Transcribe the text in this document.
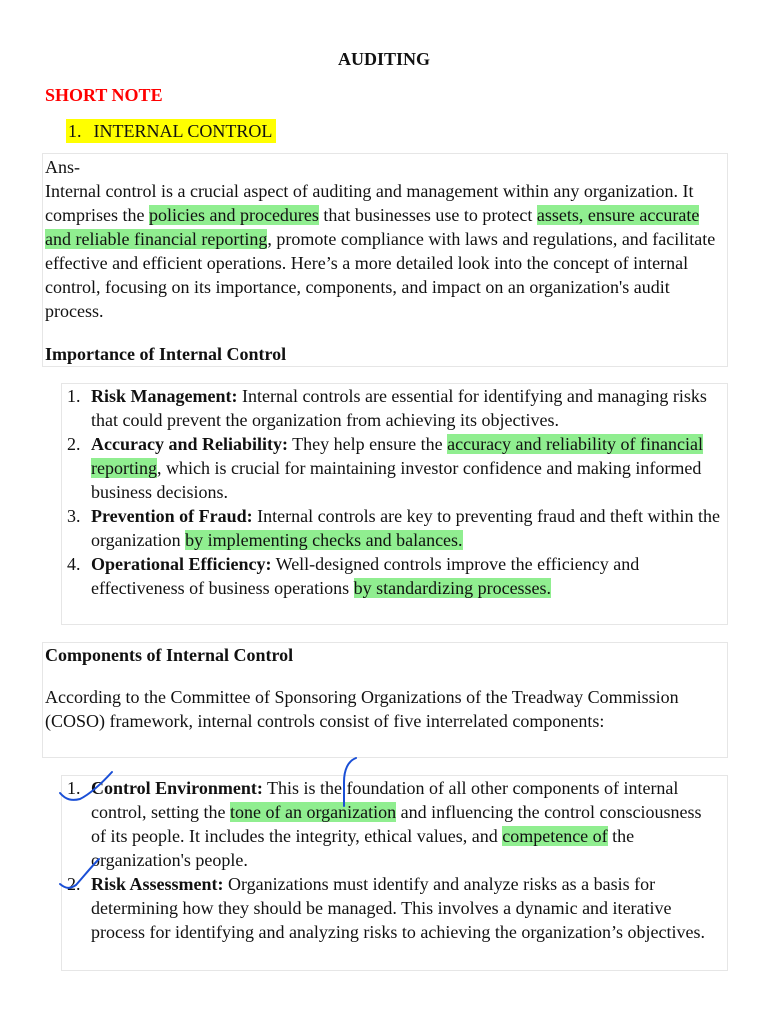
AUDITING
SHORT NOTE
1. INTERNAL CONTROL

Ans-

Internal control is a crucial aspect of auditing and management within any organization. It comprises the policies and procedures that businesses use to protect assets, ensure accurate and reliable financial reporting, promote compliance with laws and regulations, and facilitate effective and efficient operations. Here’s a more detailed look into the concept of internal control, focusing on its importance, components, and impact on an organization's audit process.

Importance of Internal Control

1. Risk Management: Internal controls are essential for identifying and managing risks that could prevent the organization from achieving its objectives.
2. Accuracy and Reliability: They help ensure the accuracy and reliability of financial reporting, which is crucial for maintaining investor confidence and making informed business decisions.
3. Prevention of Fraud: Internal controls are key to preventing fraud and theft within the organization by implementing checks and balances.
4. Operational Efficiency: Well-designed controls improve the efficiency and effectiveness of business operations by standardizing processes.

Components of Internal Control

According to the Committee of Sponsoring Organizations of the Treadway Commission (COSO) framework, internal controls consist of five interrelated components:

1. Control Environment: This is the foundation of all other components of internal control, setting the tone of an organization and influencing the control consciousness of its people. It includes the integrity, ethical values, and competence of the organization's people.
2. Risk Assessment: Organizations must identify and analyze risks as a basis for determining how they should be managed. This involves a dynamic and iterative process for identifying and analyzing risks to achieving the organization’s objectives.
